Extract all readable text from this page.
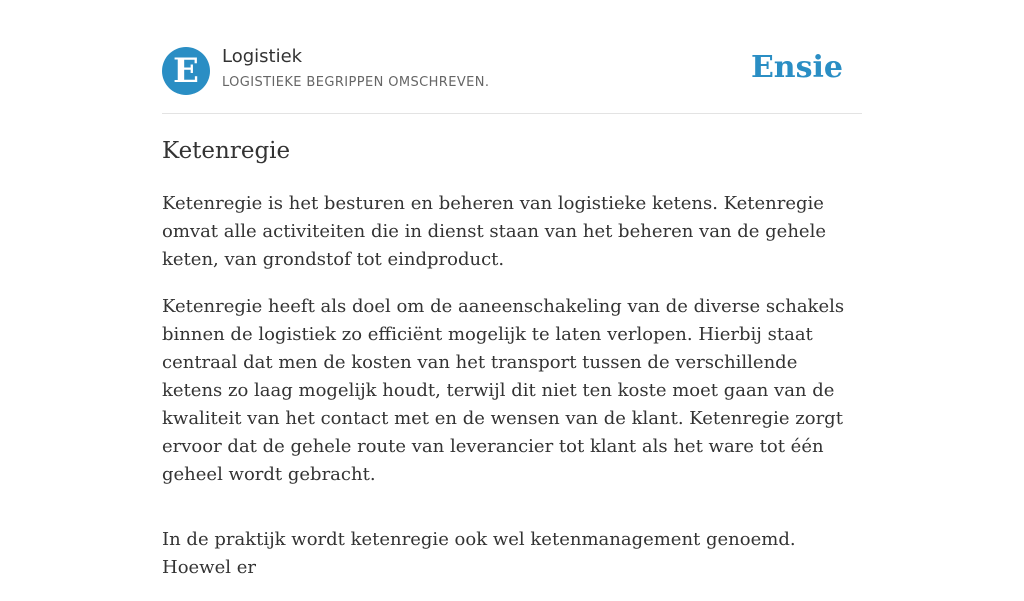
E	Logistiek
LOGISTIEKE BEGRIPPEN OMSCHREVEN.	Ensie
Ketenregie

Ketenregie is het besturen en beheren van logistieke ketens. Ketenregie omvat alle activiteiten die in dienst staan van het beheren van de gehele keten, van grondstof tot eindproduct.

Ketenregie heeft als doel om de aaneenschakeling van de diverse schakels binnen de logistiek zo efficiënt mogelijk te laten verlopen. Hierbij staat centraal dat men de kosten van het transport tussen de verschillende ketens zo laag mogelijk houdt, terwijl dit niet ten koste moet gaan van de kwaliteit van het contact met en de wensen van de klant. Ketenregie zorgt ervoor dat de gehele route van leverancier tot klant als het ware tot één geheel wordt gebracht.

In de praktijk wordt ketenregie ook wel ketenmanagement genoemd. Hoewel er
